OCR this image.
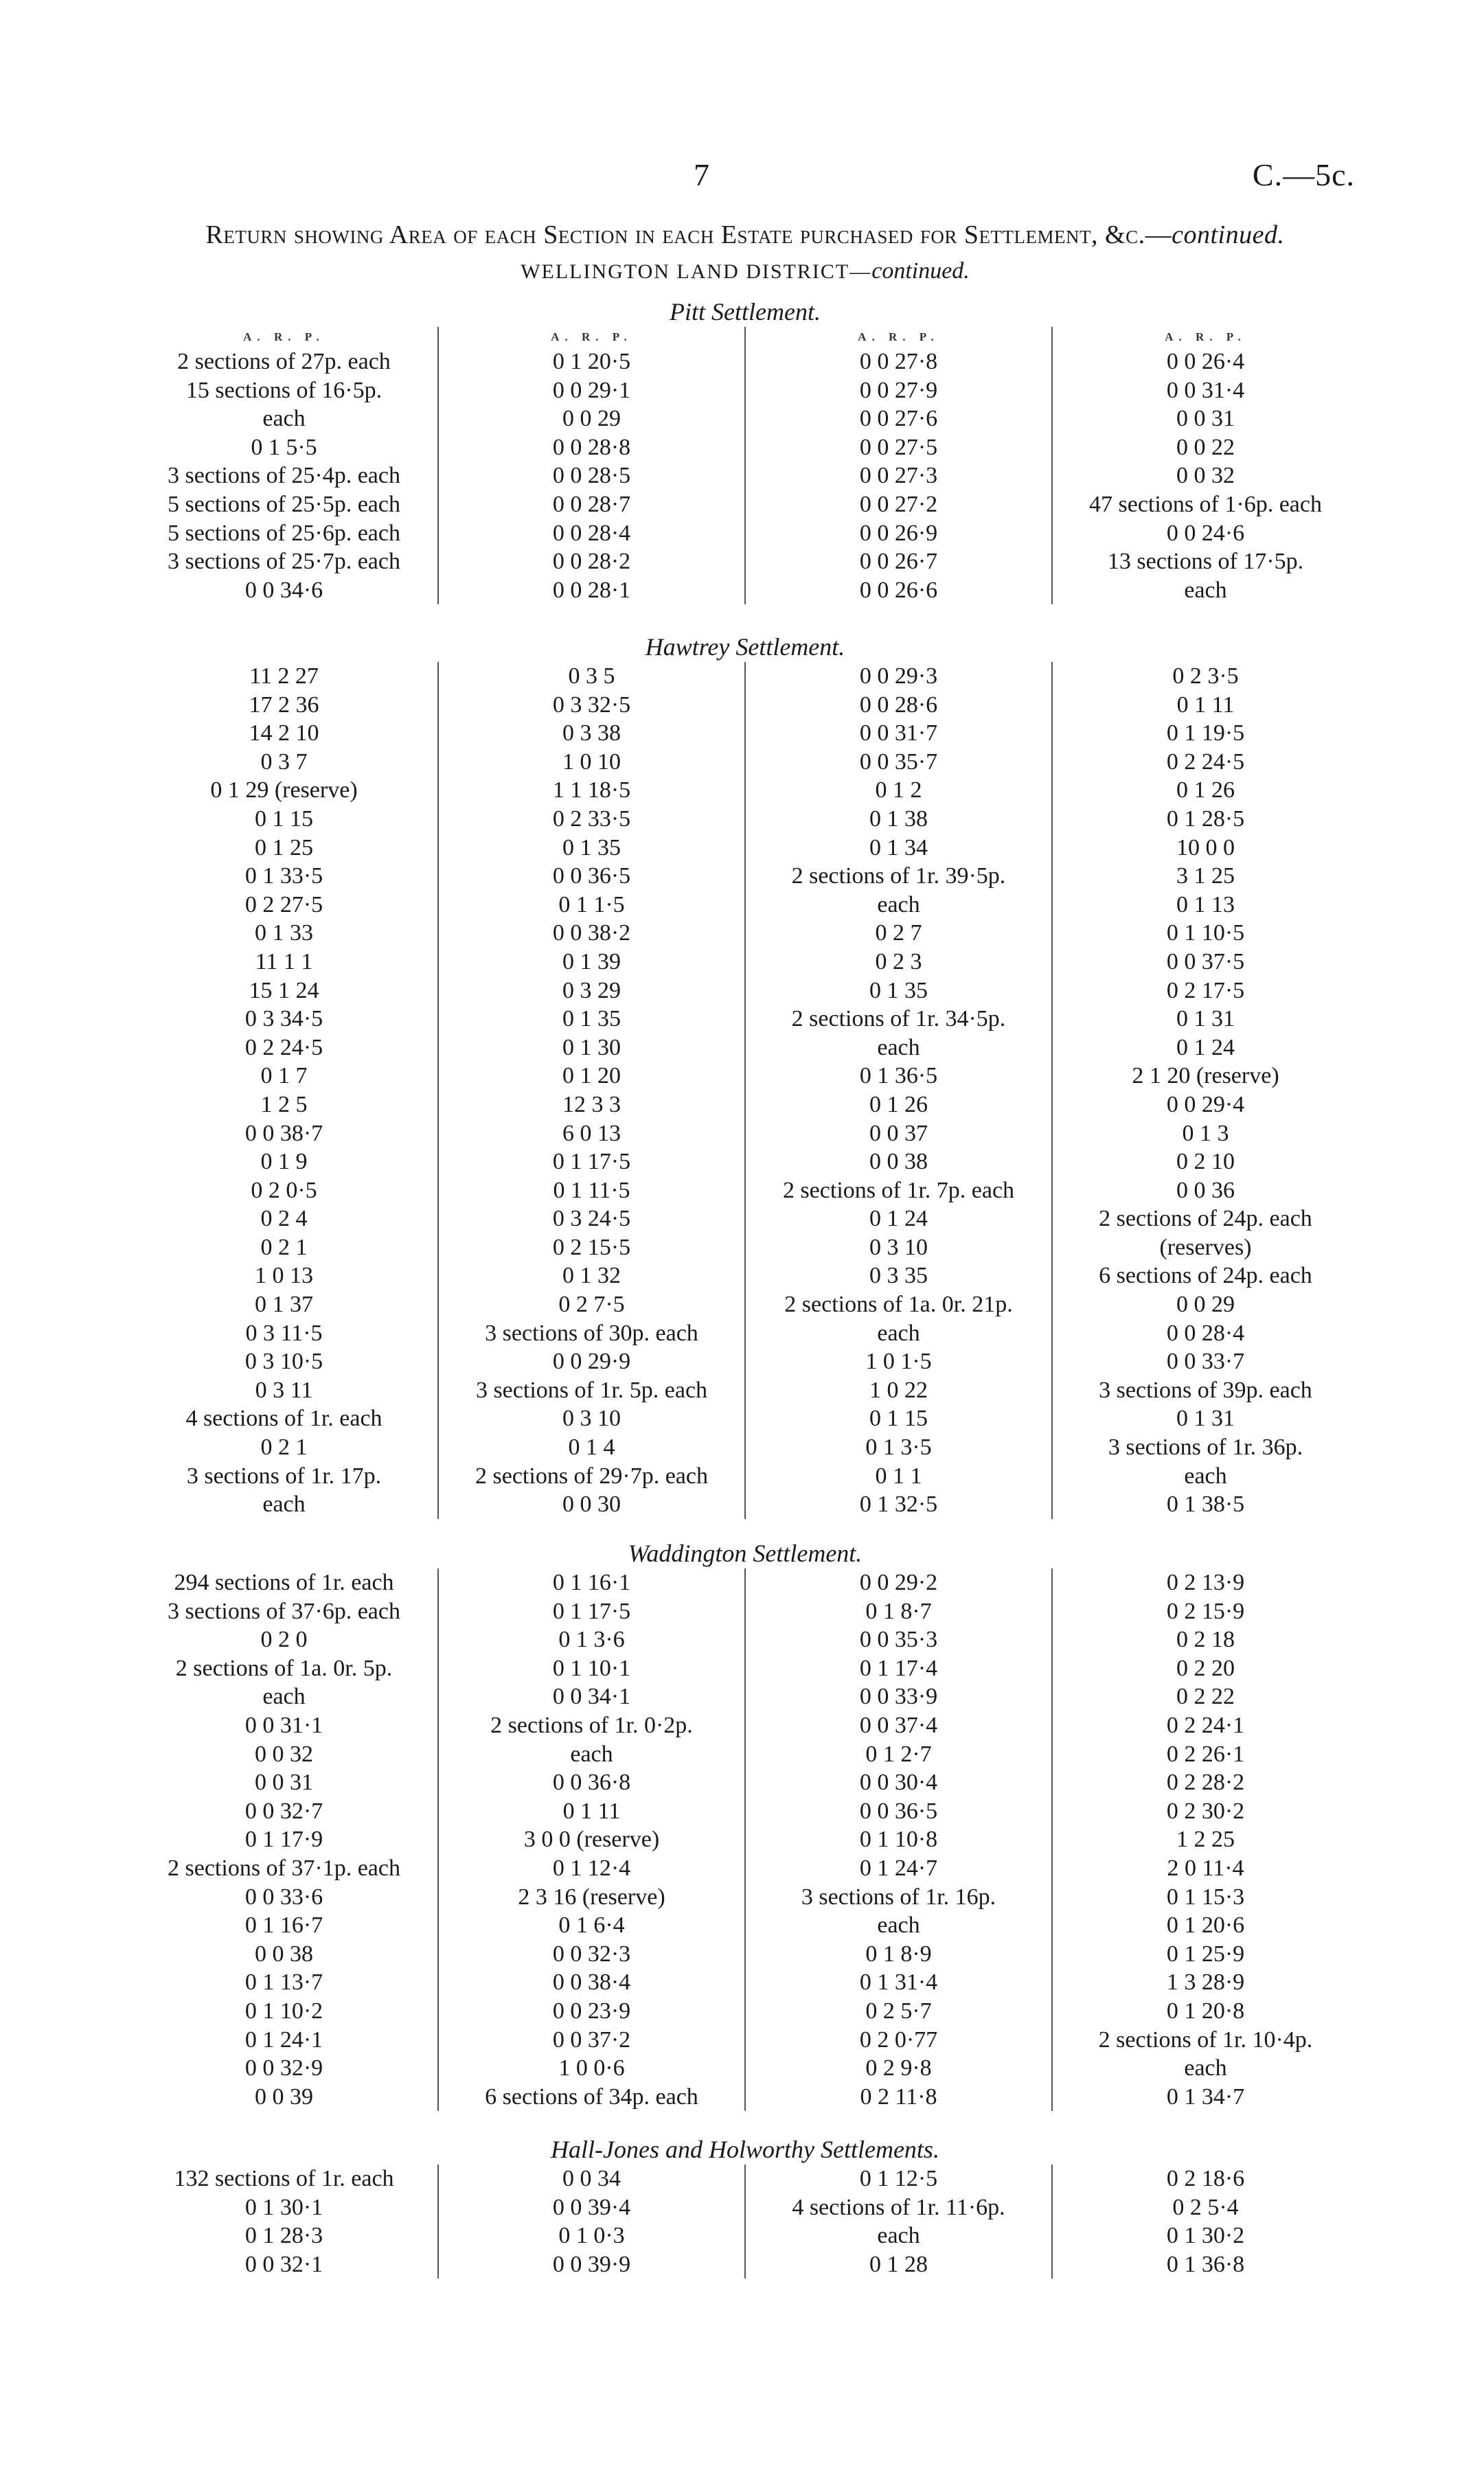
7	C.—5c.
Return showing Area of each Section in each Estate purchased for Settlement, &c.—continued.
WELLINGTON LAND DISTRICT—continued.
Pitt Settlement.
A. R. P.
2 sections of 27p. each
15 sections of 16·5p.
each
0 1 5·5
3 sections of 25·4p. each
5 sections of 25·5p. each
5 sections of 25·6p. each
3 sections of 25·7p. each
0 0 34·6
A. R. P.
0 1 20·5
0 0 29·1
0 0 29
0 0 28·8
0 0 28·5
0 0 28·7
0 0 28·4
0 0 28·2
0 0 28·1
A. R. P.
0 0 27·8
0 0 27·9
0 0 27·6
0 0 27·5
0 0 27·3
0 0 27·2
0 0 26·9
0 0 26·7
0 0 26·6
A. R. P.
0 0 26·4
0 0 31·4
0 0 31
0 0 22
0 0 32
47 sections of 1·6p. each
0 0 24·6
13 sections of 17·5p.
each
Hawtrey Settlement.
11 2 27
17 2 36
14 2 10
0 3 7
0 1 29 (reserve)
0 1 15
0 1 25
0 1 33·5
0 2 27·5
0 1 33
11 1 1
15 1 24
0 3 34·5
0 2 24·5
0 1 7
1 2 5
0 0 38·7
0 1 9
0 2 0·5
0 2 4
0 2 1
1 0 13
0 1 37
0 3 11·5
0 3 10·5
0 3 11
4 sections of 1r. each
0 2 1
3 sections of 1r. 17p.
each
0 3 5
0 3 32·5
0 3 38
1 0 10
1 1 18·5
0 2 33·5
0 1 35
0 0 36·5
0 1 1·5
0 0 38·2
0 1 39
0 3 29
0 1 35
0 1 30
0 1 20
12 3 3
6 0 13
0 1 17·5
0 1 11·5
0 3 24·5
0 2 15·5
0 1 32
0 2 7·5
3 sections of 30p. each
0 0 29·9
3 sections of 1r. 5p. each
0 3 10
0 1 4
2 sections of 29·7p. each
0 0 30
0 0 29·3
0 0 28·6
0 0 31·7
0 0 35·7
0 1 2
0 1 38
0 1 34
2 sections of 1r. 39·5p.
each
0 2 7
0 2 3
0 1 35
2 sections of 1r. 34·5p.
each
0 1 36·5
0 1 26
0 0 37
0 0 38
2 sections of 1r. 7p. each
0 1 24
0 3 10
0 3 35
2 sections of 1a. 0r. 21p.
each
1 0 1·5
1 0 22
0 1 15
0 1 3·5
0 1 1
0 1 32·5
0 2 3·5
0 1 11
0 1 19·5
0 2 24·5
0 1 26
0 1 28·5
10 0 0
3 1 25
0 1 13
0 1 10·5
0 0 37·5
0 2 17·5
0 1 31
0 1 24
2 1 20 (reserve)
0 0 29·4
0 1 3
0 2 10
0 0 36
2 sections of 24p. each
(reserves)
6 sections of 24p. each
0 0 29
0 0 28·4
0 0 33·7
3 sections of 39p. each
0 1 31
3 sections of 1r. 36p.
each
0 1 38·5
Waddington Settlement.
294 sections of 1r. each
3 sections of 37·6p. each
0 2 0
2 sections of 1a. 0r. 5p.
each
0 0 31·1
0 0 32
0 0 31
0 0 32·7
0 1 17·9
2 sections of 37·1p. each
0 0 33·6
0 1 16·7
0 0 38
0 1 13·7
0 1 10·2
0 1 24·1
0 0 32·9
0 0 39
0 1 16·1
0 1 17·5
0 1 3·6
0 1 10·1
0 0 34·1
2 sections of 1r. 0·2p.
each
0 0 36·8
0 1 11
3 0 0 (reserve)
0 1 12·4
2 3 16 (reserve)
0 1 6·4
0 0 32·3
0 0 38·4
0 0 23·9
0 0 37·2
1 0 0·6
6 sections of 34p. each
0 0 29·2
0 1 8·7
0 0 35·3
0 1 17·4
0 0 33·9
0 0 37·4
0 1 2·7
0 0 30·4
0 0 36·5
0 1 10·8
0 1 24·7
3 sections of 1r. 16p.
each
0 1 8·9
0 1 31·4
0 2 5·7
0 2 0·77
0 2 9·8
0 2 11·8
0 2 13·9
0 2 15·9
0 2 18
0 2 20
0 2 22
0 2 24·1
0 2 26·1
0 2 28·2
0 2 30·2
1 2 25
2 0 11·4
0 1 15·3
0 1 20·6
0 1 25·9
1 3 28·9
0 1 20·8
2 sections of 1r. 10·4p.
each
0 1 34·7
Hall-Jones and Holworthy Settlements.
132 sections of 1r. each
0 1 30·1
0 1 28·3
0 0 32·1
0 0 34
0 0 39·4
0 1 0·3
0 0 39·9
0 1 12·5
4 sections of 1r. 11·6p.
each
0 1 28
0 2 18·6
0 2 5·4
0 1 30·2
0 1 36·8
